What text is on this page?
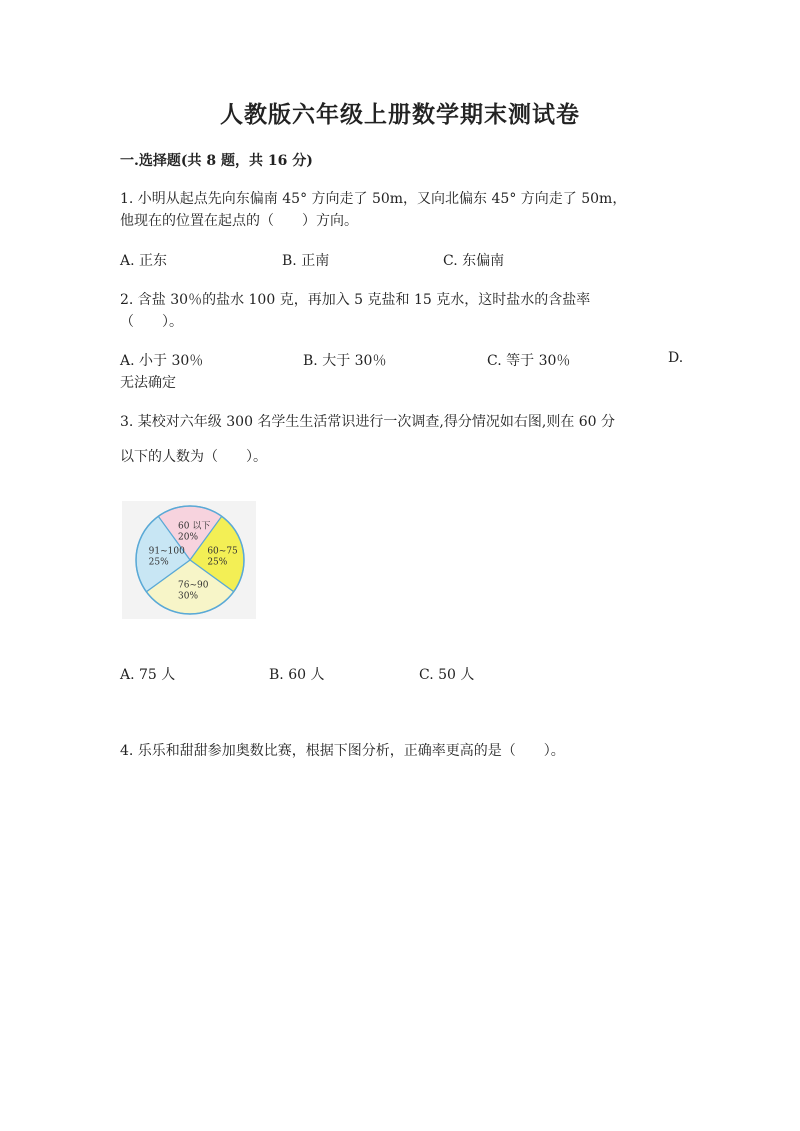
人教版六年级上册数学期末测试卷
一.选择题(共 8 题，共 16 分)
1. 小明从起点先向东偏南 45° 方向走了 50m，又向北偏东 45° 方向走了 50m，
他现在的位置在起点的（　　）方向。
A. 正东	B. 正南	C. 东偏南
2. 含盐 30％的盐水 100 克，再加入 5 克盐和 15 克水，这时盐水的含盐率
（　　）。
A. 小于 30％	B. 大于 30％	C. 等于 30％	D.
无法确定
3. 某校对六年级 300 名学生生活常识进行一次调查,得分情况如右图,则在 60 分
以下的人数为（　　）。
60 以下
20%
60~75
25%
76~90
30%
91~100
25%
A. 75 人	B. 60 人	C. 50 人
4. 乐乐和甜甜参加奥数比赛，根据下图分析，正确率更高的是（　　）。
